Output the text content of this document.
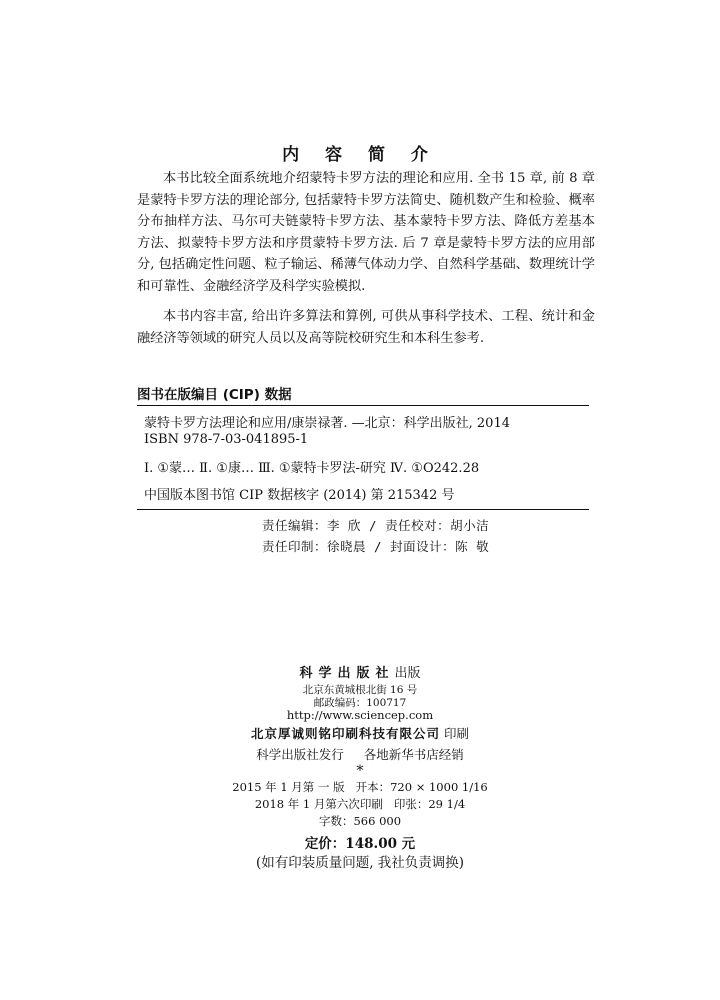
内 容 简 介
本书比较全面系统地介绍蒙特卡罗方法的理论和应用. 全书 15 章, 前 8 章是蒙特卡罗方法的理论部分, 包括蒙特卡罗方法简史、随机数产生和检验、概率分布抽样方法、马尔可夫链蒙特卡罗方法、基本蒙特卡罗方法、降低方差基本方法、拟蒙特卡罗方法和序贯蒙特卡罗方法. 后 7 章是蒙特卡罗方法的应用部分, 包括确定性问题、粒子输运、稀薄气体动力学、自然科学基础、数理统计学和可靠性、金融经济学及科学实验模拟.
本书内容丰富, 给出许多算法和算例, 可供从事科学技术、工程、统计和金融经济等领域的研究人员以及高等院校研究生和本科生参考.
图书在版编目 (CIP) 数据
蒙特卡罗方法理论和应用/康崇禄著. —北京：科学出版社, 2014
ISBN 978-7-03-041895-1
Ⅰ. ①蒙… Ⅱ. ①康… Ⅲ. ①蒙特卡罗法-研究 Ⅳ. ①O242.28
中国版本图书馆 CIP 数据核字 (2014) 第 215342 号
责任编辑：李 欣 / 责任校对：胡小洁
责任印制：徐晓晨 / 封面设计：陈 敬
科学出版社出版
北京东黄城根北街 16 号
邮政编码：100717
http://www.sciencep.com
北京厚诚则铭印刷科技有限公司 印刷
科学出版社发行 各地新华书店经销
*
2015 年 1 月第 一 版 开本：720 × 1000 1/16
2018 年 1 月第六次印刷 印张：29 1/4
字数：566 000
定价：148.00 元
(如有印装质量问题, 我社负责调换)
